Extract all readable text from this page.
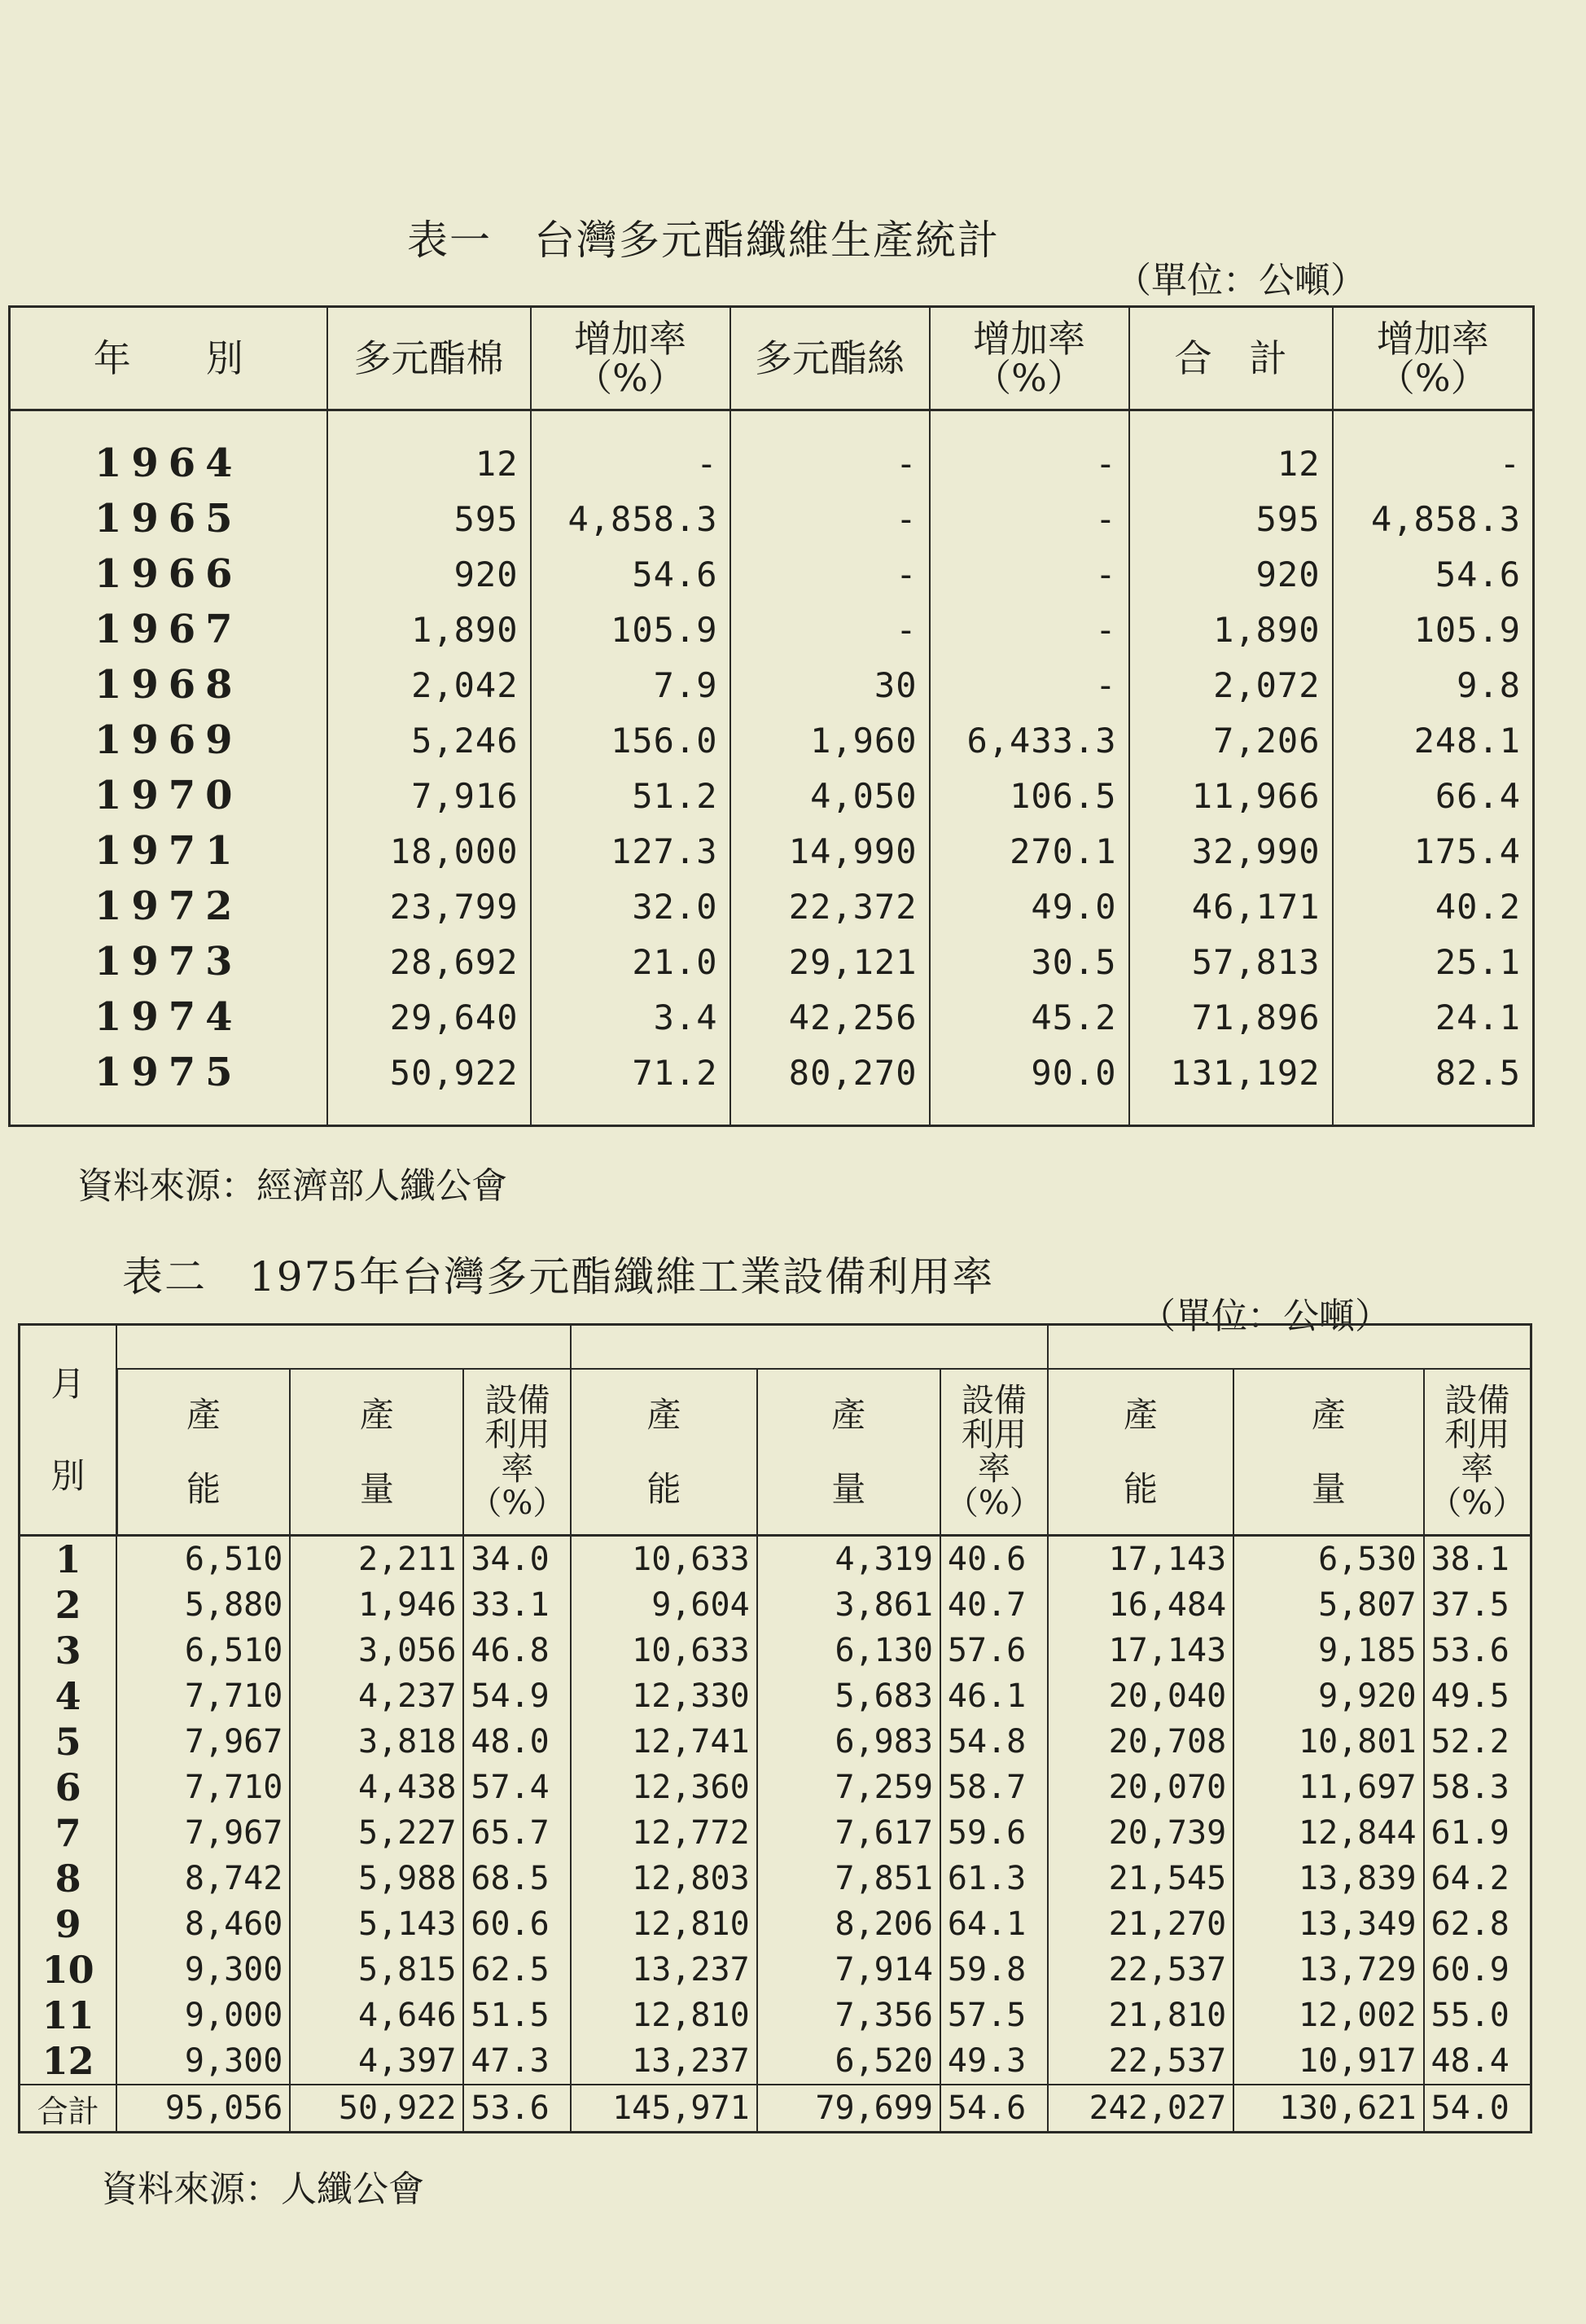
表一　台灣多元酯纖維生產統計
（單位：公噸）
年　　別	多元酯棉	增加率
（%）	多元酯絲	增加率
（%）	合　計	增加率
（%）

1964	12	-	-	-	12	-
1965	595	4,858.3	-	-	595	4,858.3
1966	920	54.6	-	-	920	54.6
1967	1,890	105.9	-	-	1,890	105.9
1968	2,042	7.9	30	-	2,072	9.8
1969	5,246	156.0	1,960	6,433.3	7,206	248.1
1970	7,916	51.2	4,050	106.5	11,966	66.4
1971	18,000	127.3	14,990	270.1	32,990	175.4
1972	23,799	32.0	22,372	49.0	46,171	40.2
1973	28,692	21.0	29,121	30.5	57,813	25.1
1974	29,640	3.4	42,256	45.2	71,896	24.1
1975	50,922	71.2	80,270	90.0	131,192	82.5
資料來源：經濟部人纖公會
表二　1975年台灣多元酯纖維工業設備利用率
（單位：公噸）
月
別									

	產
能	產
量	設備
利用
率
（%）	產
能	產
量	設備
利用
率
（%）	產
能	產
量	設備
利用
率
（%）

1	6,510	2,211	34.0	10,633	4,319	40.6	17,143	6,530	38.1
2	5,880	1,946	33.1	9,604	3,861	40.7	16,484	5,807	37.5
3	6,510	3,056	46.8	10,633	6,130	57.6	17,143	9,185	53.6
4	7,710	4,237	54.9	12,330	5,683	46.1	20,040	9,920	49.5
5	7,967	3,818	48.0	12,741	6,983	54.8	20,708	10,801	52.2
6	7,710	4,438	57.4	12,360	7,259	58.7	20,070	11,697	58.3
7	7,967	5,227	65.7	12,772	7,617	59.6	20,739	12,844	61.9
8	8,742	5,988	68.5	12,803	7,851	61.3	21,545	13,839	64.2
9	8,460	5,143	60.6	12,810	8,206	64.1	21,270	13,349	62.8
10	9,300	5,815	62.5	13,237	7,914	59.8	22,537	13,729	60.9
11	9,000	4,646	51.5	12,810	7,356	57.5	21,810	12,002	55.0
12	9,300	4,397	47.3	13,237	6,520	49.3	22,537	10,917	48.4
合計	95,056	50,922	53.6	145,971	79,699	54.6	242,027	130,621	54.0
資料來源：人纖公會
